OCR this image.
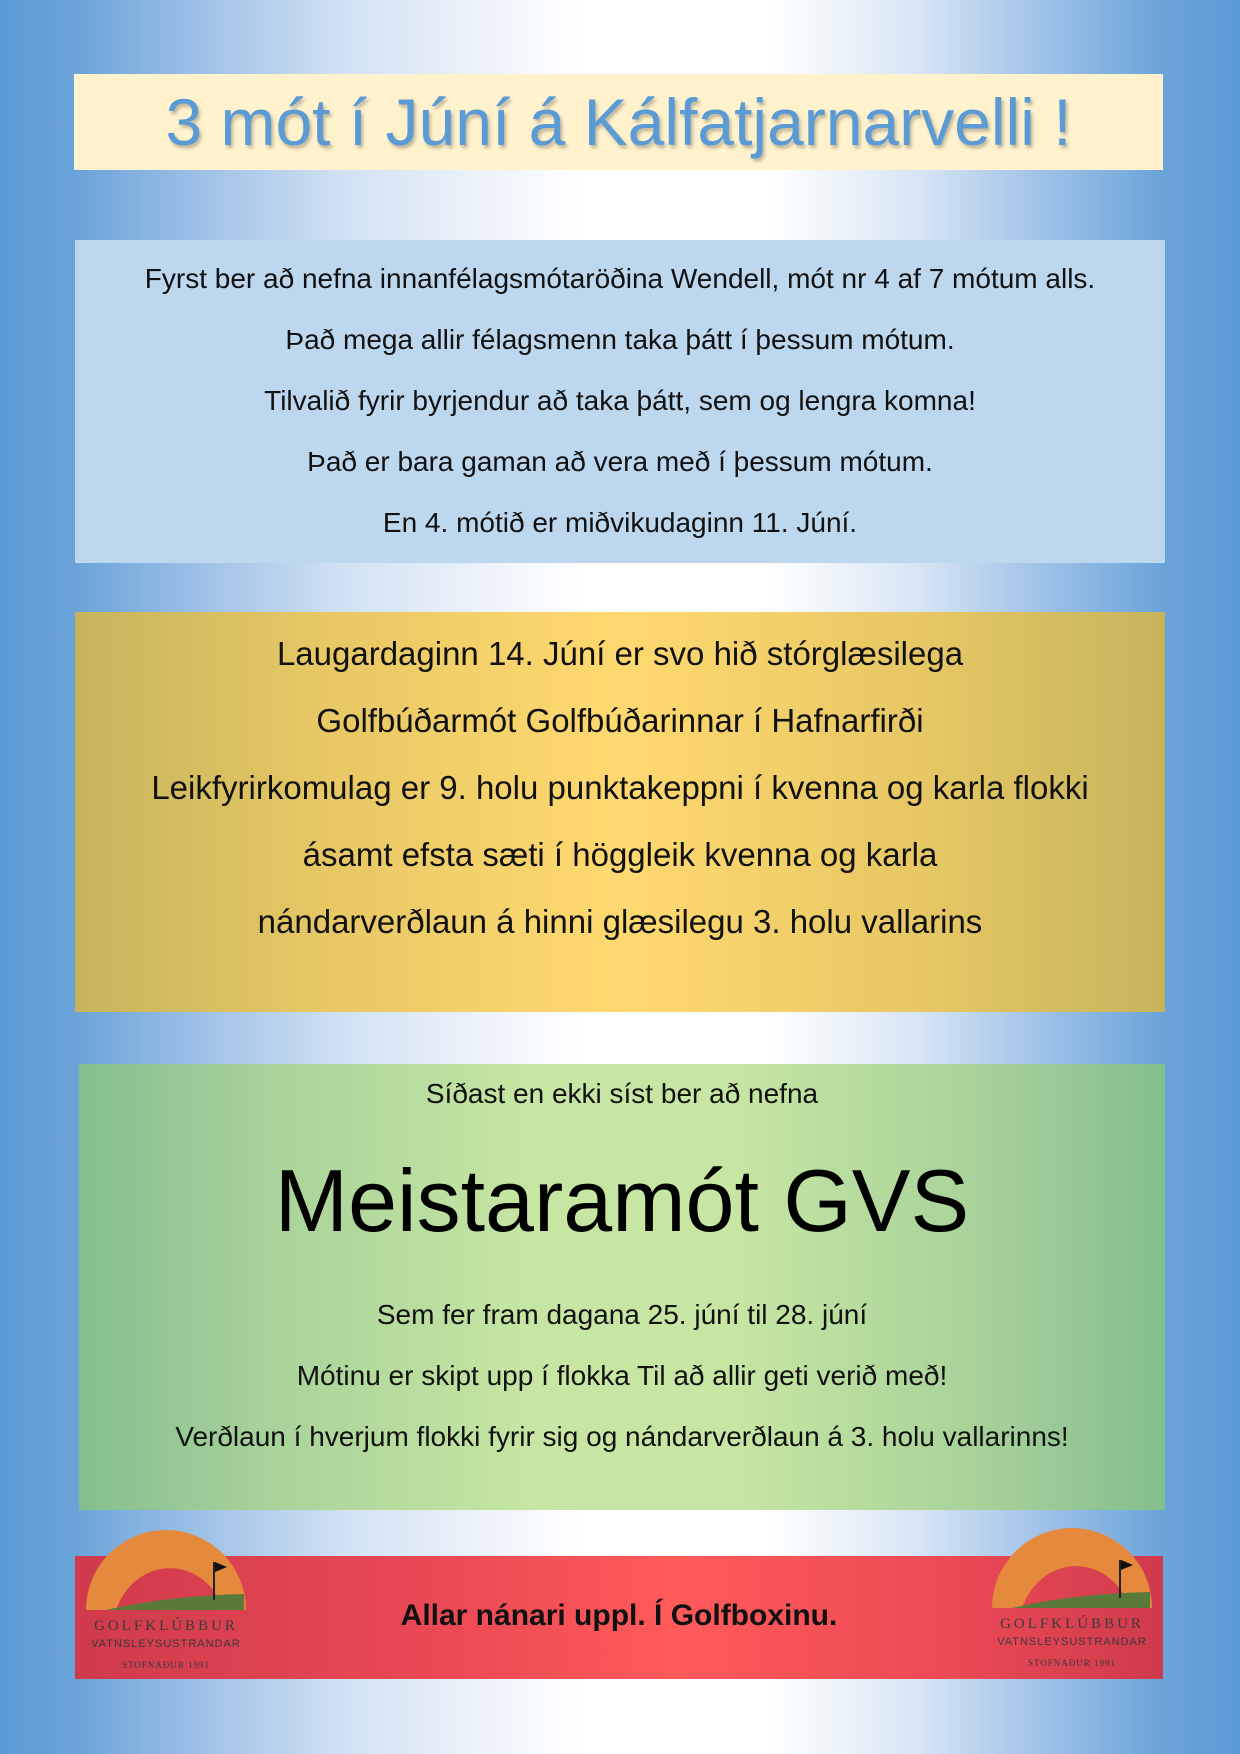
3 mót í Júní á Kálfatjarnarvelli !

Fyrst ber að nefna innanfélagsmótaröðina Wendell, mót nr 4 af 7 mótum alls.

Það mega allir félagsmenn taka þátt í þessum mótum.

Tilvalið fyrir byrjendur að taka þátt, sem og lengra komna!

Það er bara gaman að vera með í þessum mótum.

En 4. mótið er miðvikudaginn 11. Júní.

Laugardaginn 14. Júní er svo hið stórglæsilega

Golfbúðarmót Golfbúðarinnar í Hafnarfirði

Leikfyrirkomulag er 9. holu punktakeppni í kvenna og karla flokki

ásamt efsta sæti í höggleik kvenna og karla

nándarverðlaun á hinni glæsilegu 3. holu vallarins

Síðast en ekki síst ber að nefna

Meistaramót GVS

Sem fer fram dagana 25. júní til 28. júní

Mótinu er skipt upp í flokka Til að allir geti verið með!

Verðlaun í hverjum flokki fyrir sig og nándarverðlaun á 3. holu vallarinns!

Allar nánari uppl. Í Golfboxinu.

GOLFKLÚBBUR
VATNSLEYSUSTRANDAR
STOFNAÐUR 1991
GOLFKLÚBBUR
VATNSLEYSUSTRANDAR
STOFNAÐUR 1991
